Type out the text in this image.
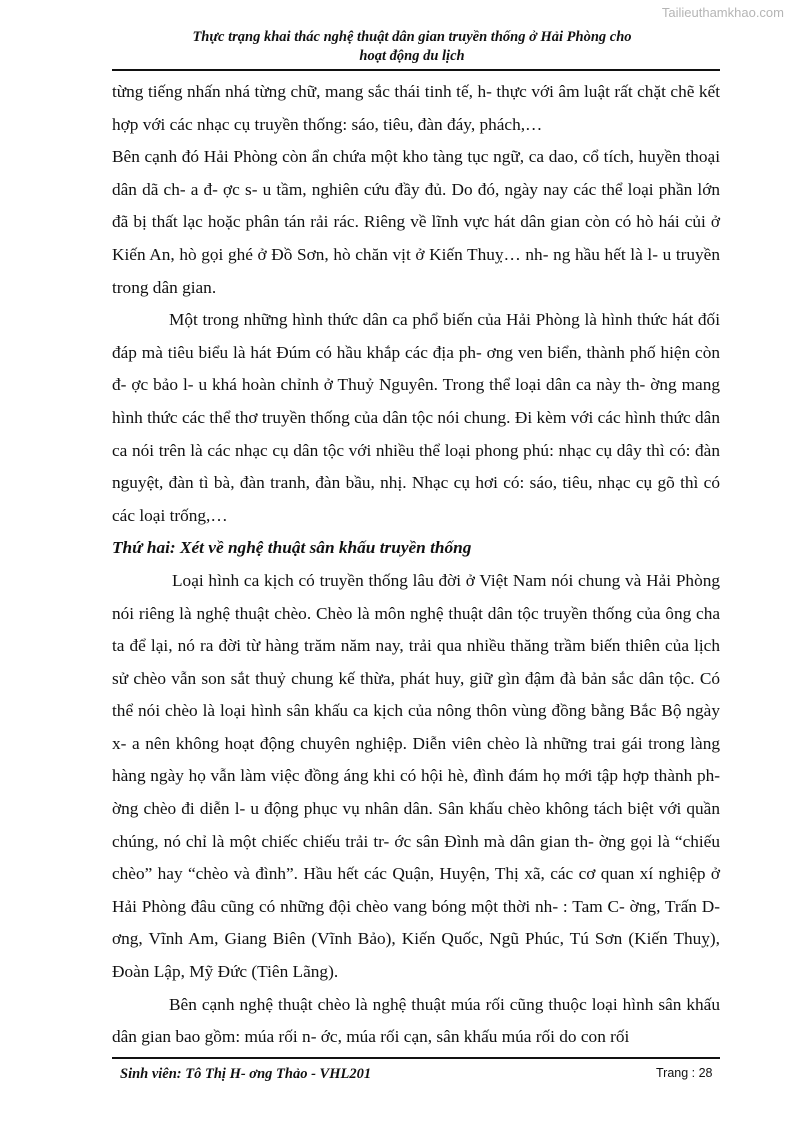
Tailieuthamkhao.com
Thực trạng khai thác nghệ thuật dân gian truyền thống ở Hải Phòng cho
hoạt động du lịch

từng tiếng nhấn nhá từng chữ, mang sắc thái tinh tế, h- thực với âm luật rất chặt chẽ kết hợp với các nhạc cụ truyền thống: sáo, tiêu, đàn đáy, phách,…

Bên cạnh đó Hải Phòng còn ẩn chứa một kho tàng tục ngữ, ca dao, cổ tích, huyền thoại dân dã ch- a đ- ợc s- u tầm, nghiên cứu đầy đủ. Do đó, ngày nay các thể loại phần lớn đã bị thất lạc hoặc phân tán rải rác. Riêng về lĩnh vực hát dân gian còn có hò hái củi ở Kiến An, hò gọi ghé ở Đồ Sơn, hò chăn vịt ở Kiến Thuỵ… nh- ng hầu hết là l- u truyền trong dân gian.

Một trong những hình thức dân ca phổ biến của Hải Phòng là hình thức hát đối đáp mà tiêu biểu là hát Đúm có hầu khắp các địa ph- ơng ven biển, thành phố hiện còn đ- ợc bảo l- u khá hoàn chỉnh ở Thuỷ Nguyên. Trong thể loại dân ca này th- ờng mang hình thức các thể thơ truyền thống của dân tộc nói chung. Đi kèm với các hình thức dân ca nói trên là các nhạc cụ dân tộc với nhiều thể loại phong phú: nhạc cụ dây thì có: đàn nguyệt, đàn tì bà, đàn tranh, đàn bầu, nhị. Nhạc cụ hơi có: sáo, tiêu, nhạc cụ gõ thì có các loại trống,…

Thứ hai: Xét về nghệ thuật sân khấu truyền thống

Loại hình ca kịch có truyền thống lâu đời ở Việt Nam nói chung và Hải Phòng nói riêng là nghệ thuật chèo. Chèo là môn nghệ thuật dân tộc truyền thống của ông cha ta để lại, nó ra đời từ hàng trăm năm nay, trải qua nhiều thăng trầm biến thiên của lịch sử chèo vẫn son sắt thuỷ chung kế thừa, phát huy, giữ gìn đậm đà bản sắc dân tộc. Có thể nói chèo là loại hình sân khấu ca kịch của nông thôn vùng đồng bằng Bắc Bộ ngày x- a nên không hoạt động chuyên nghiệp. Diễn viên chèo là những trai gái trong làng hàng ngày họ vẫn làm việc đồng áng khi có hội hè, đình đám họ mới tập hợp thành ph- ờng chèo đi diễn l- u động phục vụ nhân dân. Sân khấu chèo không tách biệt với quần chúng, nó chỉ là một chiếc chiếu trải tr- ớc sân Đình mà dân gian th- ờng gọi là “chiếu chèo” hay “chèo và đình”. Hầu hết các Quận, Huyện, Thị xã, các cơ quan xí nghiệp ở Hải Phòng đâu cũng có những đội chèo vang bóng một thời nh- : Tam C- ờng, Trấn D- ơng, Vĩnh Am, Giang Biên (Vĩnh Bảo), Kiến Quốc, Ngũ Phúc, Tú Sơn (Kiến Thuỵ), Đoàn Lập, Mỹ Đức (Tiên Lãng).

Bên cạnh nghệ thuật chèo là nghệ thuật múa rối cũng thuộc loại hình sân khấu dân gian bao gồm: múa rối n- ớc, múa rối cạn, sân khấu múa rối do con rối

Sinh viên: Tô Thị H- ơng Thảo - VHL201	Trang : 28
